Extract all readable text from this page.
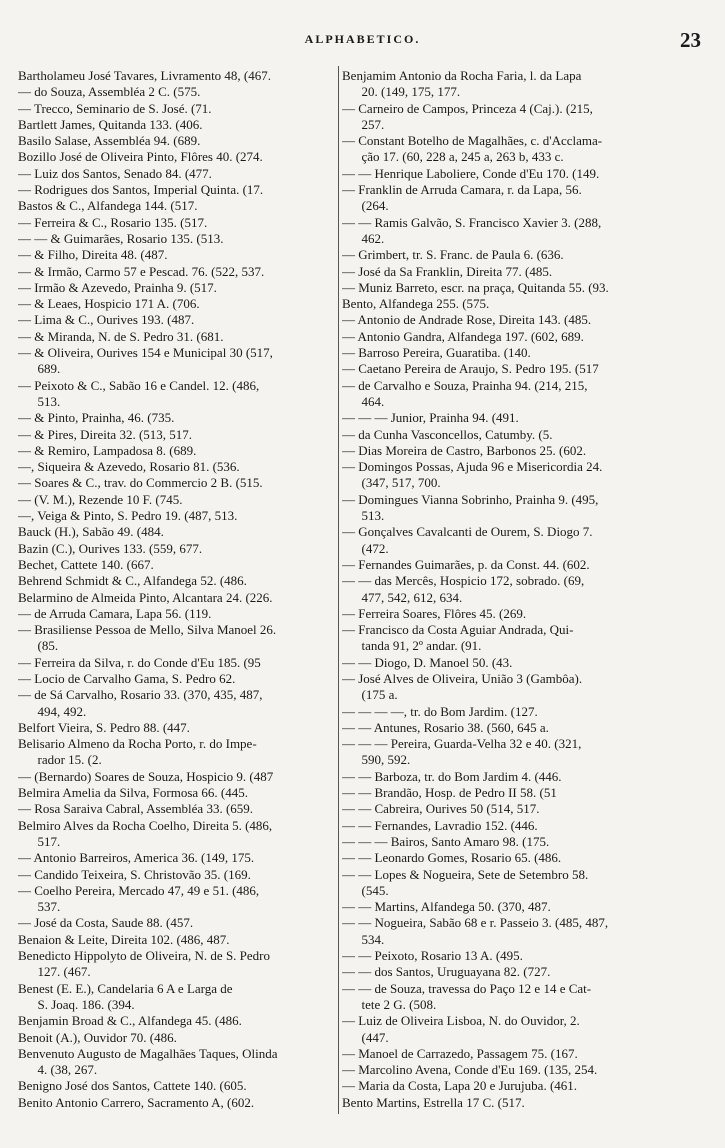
ALPHABETICO.	23

Bartholameu José Tavares, Livramento 48, (467.

— do Souza, Assembléa 2 C. (575.

— Trecco, Seminario de S. José. (71.

Bartlett James, Quitanda 133. (406.

Basilo Salase, Assembléa 94. (689.

Bozillo José de Oliveira Pinto, Flôres 40. (274.

— Luiz dos Santos, Senado 84. (477.

— Rodrigues dos Santos, Imperial Quinta. (17.

Bastos & C., Alfandega 144. (517.

— Ferreira & C., Rosario 135. (517.

— — & Guimarães, Rosario 135. (513.

— & Filho, Direita 48. (487.

— & Irmão, Carmo 57 e Pescad. 76. (522, 537.

— Irmão & Azevedo, Prainha 9. (517.

— & Leaes, Hospicio 171 A. (706.

— Lima & C., Ourives 193. (487.

— & Miranda, N. de S. Pedro 31. (681.

— & Oliveira, Ourives 154 e Municipal 30 (517,

689.

— Peixoto & C., Sabão 16 e Candel. 12. (486,

513.

— & Pinto, Prainha, 46. (735.

— & Pires, Direita 32. (513, 517.

— & Remiro, Lampadosa 8. (689.

—, Siqueira & Azevedo, Rosario 81. (536.

— Soares & C., trav. do Commercio 2 B. (515.

— (V. M.), Rezende 10 F. (745.

—, Veiga & Pinto, S. Pedro 19. (487, 513.

Bauck (H.), Sabão 49. (484.

Bazin (C.), Ourives 133. (559, 677.

Bechet, Cattete 140. (667.

Behrend Schmidt & C., Alfandega 52. (486.

Belarmino de Almeida Pinto, Alcantara 24. (226.

— de Arruda Camara, Lapa 56. (119.

— Brasiliense Pessoa de Mello, Silva Manoel 26.

(85.

— Ferreira da Silva, r. do Conde d'Eu 185. (95

— Locio de Carvalho Gama, S. Pedro 62.

— de Sá Carvalho, Rosario 33. (370, 435, 487,

494, 492.

Belfort Vieira, S. Pedro 88. (447.

Belisario Almeno da Rocha Porto, r. do Impe-

rador 15. (2.

— (Bernardo) Soares de Souza, Hospicio 9. (487

Belmira Amelia da Silva, Formosa 66. (445.

— Rosa Saraiva Cabral, Assembléa 33. (659.

Belmiro Alves da Rocha Coelho, Direita 5. (486,

517.

— Antonio Barreiros, America 36. (149, 175.

— Candido Teixeira, S. Christovão 35. (169.

— Coelho Pereira, Mercado 47, 49 e 51. (486,

537.

— José da Costa, Saude 88. (457.

Benaion & Leite, Direita 102. (486, 487.

Benedicto Hippolyto de Oliveira, N. de S. Pedro

127. (467.

Benest (E. E.), Candelaria 6 A e Larga de

S. Joaq. 186. (394.

Benjamin Broad & C., Alfandega 45. (486.

Benoit (A.), Ouvidor 70. (486.

Benvenuto Augusto de Magalhães Taques, Olinda

4. (38, 267.

Benigno José dos Santos, Cattete 140. (605.

Benito Antonio Carrero, Sacramento A, (602.

Benjamim Antonio da Rocha Faria, l. da Lapa

20. (149, 175, 177.

— Carneiro de Campos, Princeza 4 (Caj.). (215,

257.

— Constant Botelho de Magalhães, c. d'Acclama-

ção 17. (60, 228 a, 245 a, 263 b, 433 c.

— — Henrique Laboliere, Conde d'Eu 170. (149.

— Franklin de Arruda Camara, r. da Lapa, 56.

(264.

— — Ramis Galvão, S. Francisco Xavier 3. (288,

462.

— Grimbert, tr. S. Franc. de Paula 6. (636.

— José da Sa Franklin, Direita 77. (485.

— Muniz Barreto, escr. na praça, Quitanda 55. (93.

Bento, Alfandega 255. (575.

— Antonio de Andrade Rose, Direita 143. (485.

— Antonio Gandra, Alfandega 197. (602, 689.

— Barroso Pereira, Guaratiba. (140.

— Caetano Pereira de Araujo, S. Pedro 195. (517

— de Carvalho e Souza, Prainha 94. (214, 215,

464.

— — — Junior, Prainha 94. (491.

— da Cunha Vasconcellos, Catumby. (5.

— Dias Moreira de Castro, Barbonos 25. (602.

— Domingos Possas, Ajuda 96 e Misericordia 24.

(347, 517, 700.

— Domingues Vianna Sobrinho, Prainha 9. (495,

513.

— Gonçalves Cavalcanti de Ourem, S. Diogo 7.

(472.

— Fernandes Guimarães, p. da Const. 44. (602.

— — das Mercês, Hospicio 172, sobrado. (69,

477, 542, 612, 634.

— Ferreira Soares, Flôres 45. (269.

— Francisco da Costa Aguiar Andrada, Qui-

tanda 91, 2º andar. (91.

— — Diogo, D. Manoel 50. (43.

— José Alves de Oliveira, União 3 (Gambôa).

(175 a.

— — — —, tr. do Bom Jardim. (127.

— — Antunes, Rosario 38. (560, 645 a.

— — — Pereira, Guarda-Velha 32 e 40. (321,

590, 592.

— — Barboza, tr. do Bom Jardim 4. (446.

— — Brandão, Hosp. de Pedro II 58. (51

— — Cabreira, Ourives 50 (514, 517.

— — Fernandes, Lavradio 152. (446.

— — — Bairos, Santo Amaro 98. (175.

— — Leonardo Gomes, Rosario 65. (486.

— — Lopes & Nogueira, Sete de Setembro 58.

(545.

— — Martins, Alfandega 50. (370, 487.

— — Nogueira, Sabão 68 e r. Passeio 3. (485, 487,

534.

— — Peixoto, Rosario 13 A. (495.

— — dos Santos, Uruguayana 82. (727.

— — de Souza, travessa do Paço 12 e 14 e Cat-

tete 2 G. (508.

— Luiz de Oliveira Lisboa, N. do Ouvidor, 2.

(447.

— Manoel de Carrazedo, Passagem 75. (167.

— Marcolino Avena, Conde d'Eu 169. (135, 254.

— Maria da Costa, Lapa 20 e Jurujuba. (461.

Bento Martins, Estrella 17 C. (517.
